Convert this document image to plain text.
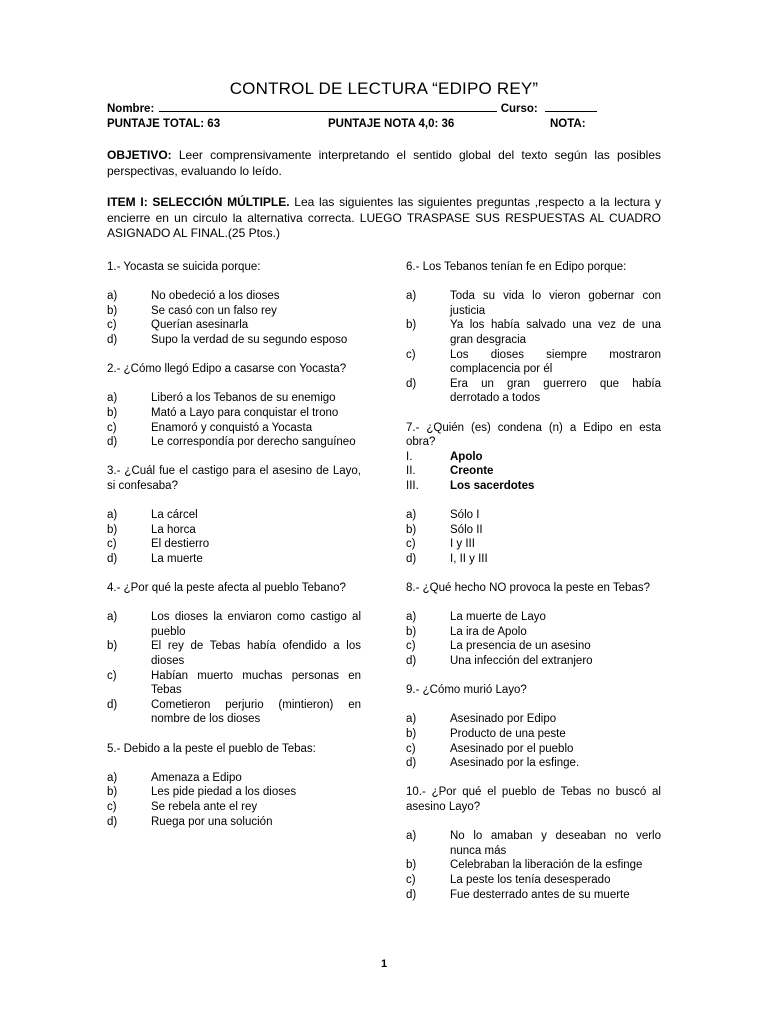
CONTROL DE LECTURA “EDIPO REY”
Nombre:	Curso:
PUNTAJE TOTAL: 63	PUNTAJE NOTA 4,0: 36	NOTA:
OBJETIVO: Leer comprensivamente interpretando el sentido global del texto según las posibles perspectivas, evaluando lo leído.
ITEM I: SELECCIÓN MÚLTIPLE. Lea las siguientes las siguientes preguntas ,respecto a la lectura y encierre en un circulo la alternativa correcta. LUEGO TRASPASE SUS RESPUESTAS AL CUADRO ASIGNADO AL FINAL.(25 Ptos.)
1.- Yocasta se suicida porque:
a)	No obedeció a los dioses
b)	Se casó con un falso rey
c)	Querían asesinarla
d)	Supo la verdad de su segundo esposo
2.- ¿Cómo llegó Edipo a casarse con Yocasta?
a)	Liberó a los Tebanos de su enemigo
b)	Mató a Layo para conquistar el trono
c)	Enamoró y conquistó a Yocasta
d)	Le correspondía por derecho sanguíneo
3.- ¿Cuál fue el castigo para el asesino de Layo, si confesaba?
a)	La cárcel
b)	La horca
c)	El destierro
d)	La muerte
4.- ¿Por qué la peste afecta al pueblo Tebano?
a)	Los dioses la enviaron como castigo al pueblo
b)	El rey de Tebas había ofendido a los dioses
c)	Habían muerto muchas personas en Tebas
d)	Cometieron perjurio (mintieron) en nombre de los dioses
5.- Debido a la peste el pueblo de Tebas:
a)	Amenaza a Edipo
b)	Les pide piedad a los dioses
c)	Se rebela ante el rey
d)	Ruega por una solución
6.- Los Tebanos tenían fe en Edipo porque:
a)	Toda su vida lo vieron gobernar con justicia
b)	Ya los había salvado una vez de una gran desgracia
c)	Los dioses siempre mostraron complacencia por él
d)	Era un gran guerrero que había derrotado a todos
7.- ¿Quién (es) condena (n) a Edipo en esta obra?
I.	Apolo
II.	Creonte
III.	Los sacerdotes
a)	Sólo I
b)	Sólo II
c)	I y III
d)	I, II y III
8.- ¿Qué hecho NO provoca la peste en Tebas?
a)	La muerte de Layo
b)	La ira de Apolo
c)	La presencia de un asesino
d)	Una infección del extranjero
9.- ¿Cómo murió Layo?
a)	Asesinado por Edipo
b)	Producto de una peste
c)	Asesinado por el pueblo
d)	Asesinado por la esfinge.
10.- ¿Por qué el pueblo de Tebas no buscó al asesino Layo?
a)	No lo amaban y deseaban no verlo nunca más
b)	Celebraban la liberación de la esfinge
c)	La peste los tenía desesperado
d)	Fue desterrado antes de su muerte
1
